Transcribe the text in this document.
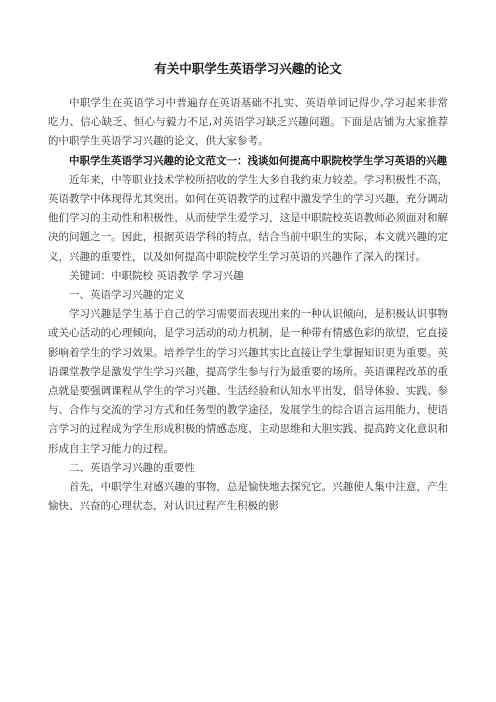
有关中职学生英语学习兴趣的论文

中职学生在英语学习中普遍存在英语基础不扎实、英语单词记得少,学习起来非常吃力、信心缺乏、恒心与毅力不足,对英语学习缺乏兴趣问题。下面是店铺为大家推荐的中职学生英语学习兴趣的论文，供大家参考。

中职学生英语学习兴趣的论文范文一：浅谈如何提高中职院校学生学习英语的兴趣

近年来，中等职业技术学校所招收的学生大多自我约束力较差。学习积极性不高，英语教学中体现得尤其突出。如何在英语教学的过程中激发学生的学习兴趣，充分调动他们学习的主动性和积极性，从而使学生爱学习，这是中职院校英语教师必须面对和解决的问题之一。因此，根据英语学科的特点，结合当前中职生的实际，本文就兴趣的定义，兴趣的重要性，以及如何提高中职院校学生学习英语的兴趣作了深入的探讨。

关键词：中职院校 英语教学 学习兴趣

一、英语学习兴趣的定义

学习兴趣是学生基于自己的学习需要而表现出来的一种认识倾向，是积极认识事物或关心活动的心理倾向，是学习活动的动力机制，是一种带有情感色彩的欲望，它直接影响着学生的学习效果。培养学生的学习兴趣其实比直接让学生掌握知识更为重要。英语课堂教学是激发学生学习兴趣，提高学生参与行为最重要的场所。英语课程改革的重点就是要强调课程从学生的学习兴趣、生活经验和认知水平出发，倡导体验、实践、参与、合作与交流的学习方式和任务型的教学途径，发展学生的综合语言运用能力，使语言学习的过程成为学生形成积极的情感态度、主动思维和大胆实践、提高跨文化意识和形成自主学习能力的过程。

二、英语学习兴趣的重要性

首先，中职学生对感兴趣的事物，总是愉快地去探究它。兴趣使人集中注意，产生愉快、兴奋的心理状态，对认识过程产生积极的影
